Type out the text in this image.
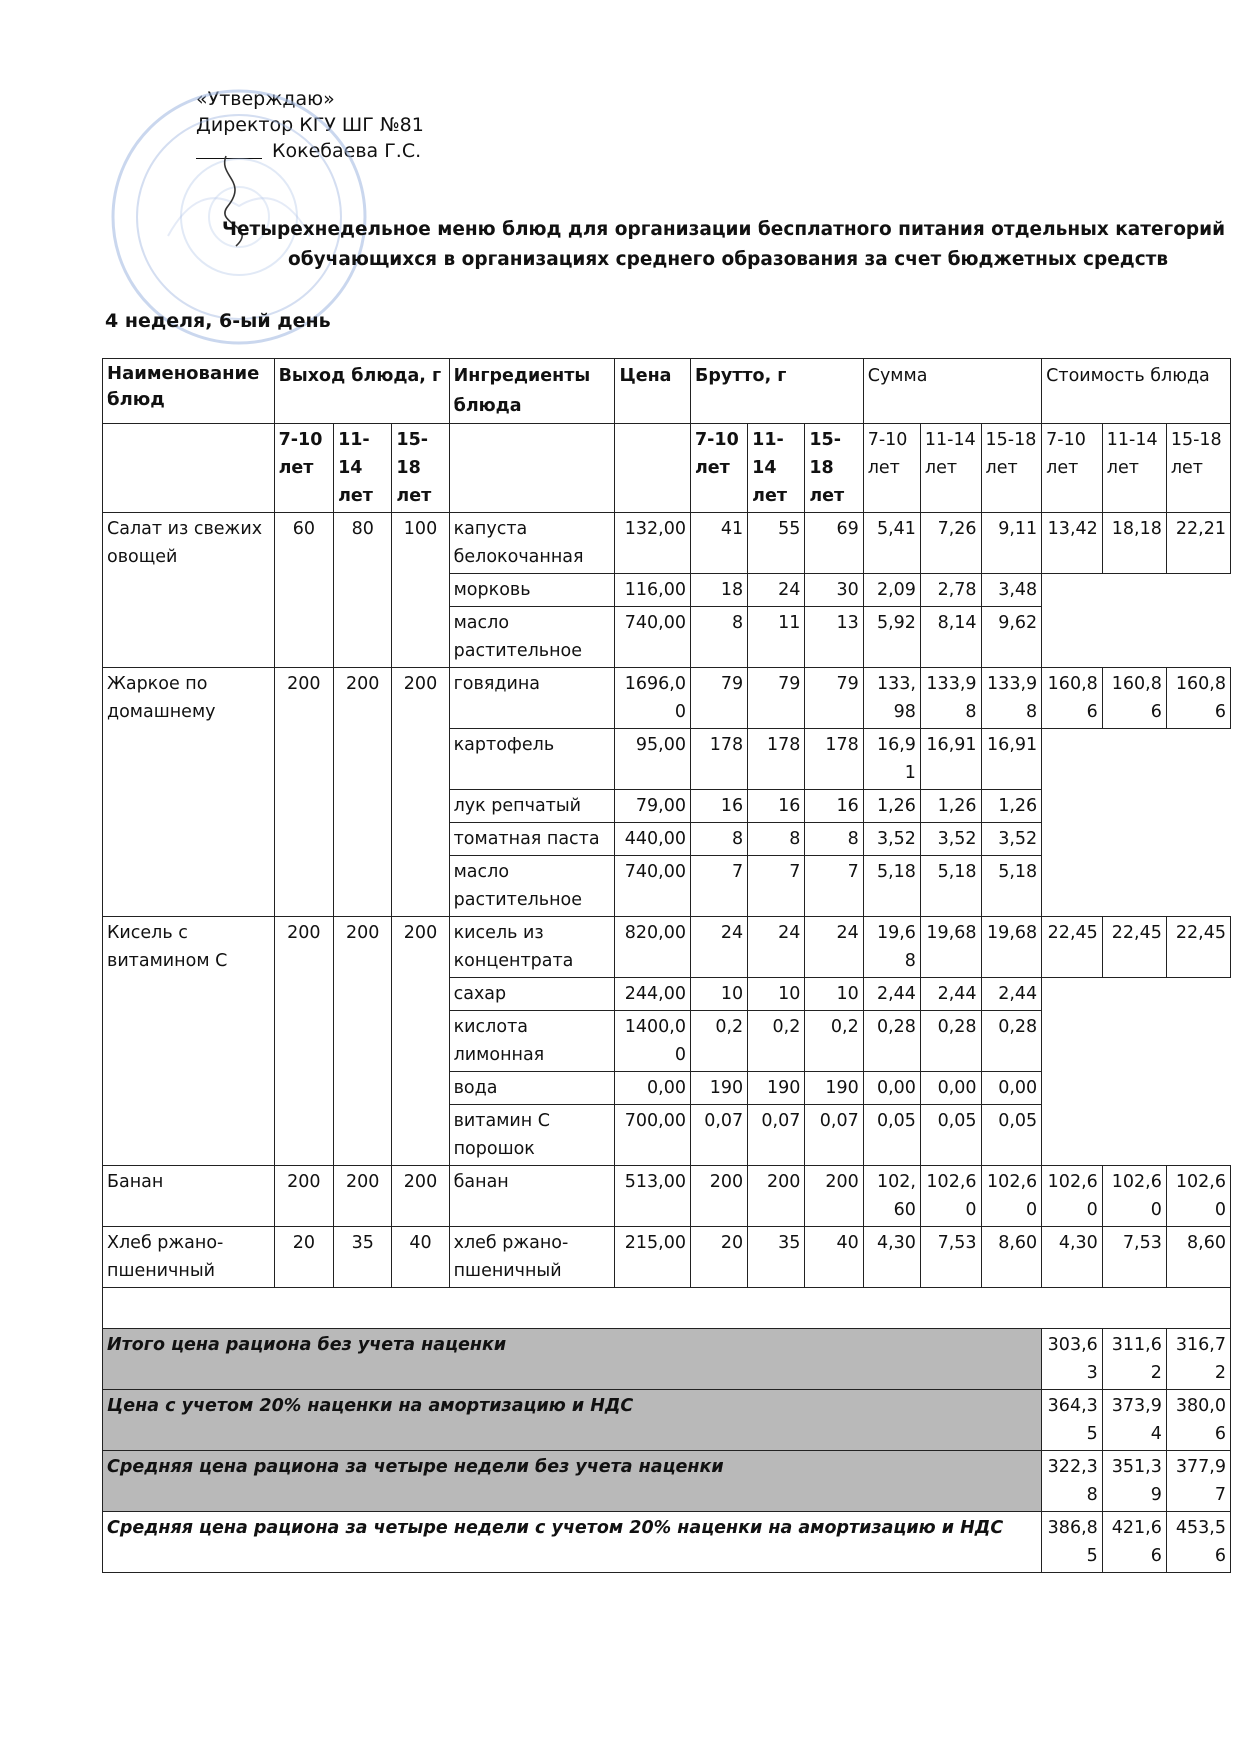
«Утверждаю»
Директор КГУ ШГ №81
Кокебаева Г.С.
Четырехнедельное меню блюд для организации бесплатного питания отдельных категорий
обучающихся в организациях среднего образования за счет бюджетных средств
4 неделя, 6-ый день
Наименование блюд	Выход блюда, г			Ингредиенты блюда	Цена	Брутто, г			Сумма			Стоимость блюда		
	7-10 лет	11-14 лет	15-18 лет			7-10 лет	11-14 лет	15-18 лет	7-10 лет	11-14 лет	15-18 лет	7-10 лет	11-14 лет	15-18 лет
Салат из свежих овощей	60	80	100	капуста белокочанная	132,00	41	55	69	5,41	7,26	9,11	13,42	18,18	22,21
				морковь	116,00	18	24	30	2,09	2,78	3,48			
				масло растительное	740,00	8	11	13	5,92	8,14	9,62			
Жаркое по домашнему	200	200	200	говядина	1696,00	79	79	79	133,98	133,98	133,98	160,86	160,86	160,86
				картофель	95,00	178	178	178	16,91	16,91	16,91			
				лук репчатый	79,00	16	16	16	1,26	1,26	1,26			
				томатная паста	440,00	8	8	8	3,52	3,52	3,52			
				масло растительное	740,00	7	7	7	5,18	5,18	5,18			
Кисель с витамином С	200	200	200	кисель из концентрата	820,00	24	24	24	19,68	19,68	19,68	22,45	22,45	22,45
				сахар	244,00	10	10	10	2,44	2,44	2,44			
				кислота лимонная	1400,00	0,2	0,2	0,2	0,28	0,28	0,28			
				вода	0,00	190	190	190	0,00	0,00	0,00			
				витамин С порошок	700,00	0,07	0,07	0,07	0,05	0,05	0,05			
Банан	200	200	200	банан	513,00	200	200	200	102,60	102,60	102,60	102,60	102,60	102,60
Хлеб ржано-пшеничный	20	35	40	хлеб ржано-пшеничный	215,00	20	35	40	4,30	7,53	8,60	4,30	7,53	8,60

Итого цена рациона без учета наценки												303,63	311,62	316,72
Цена с учетом 20% наценки на амортизацию и НДС												364,35	373,94	380,06
Средняя цена рациона за четыре недели без учета наценки												322,38	351,39	377,97
Средняя цена рациона за четыре недели с учетом 20% наценки на амортизацию и НДС												386,85	421,66	453,56
